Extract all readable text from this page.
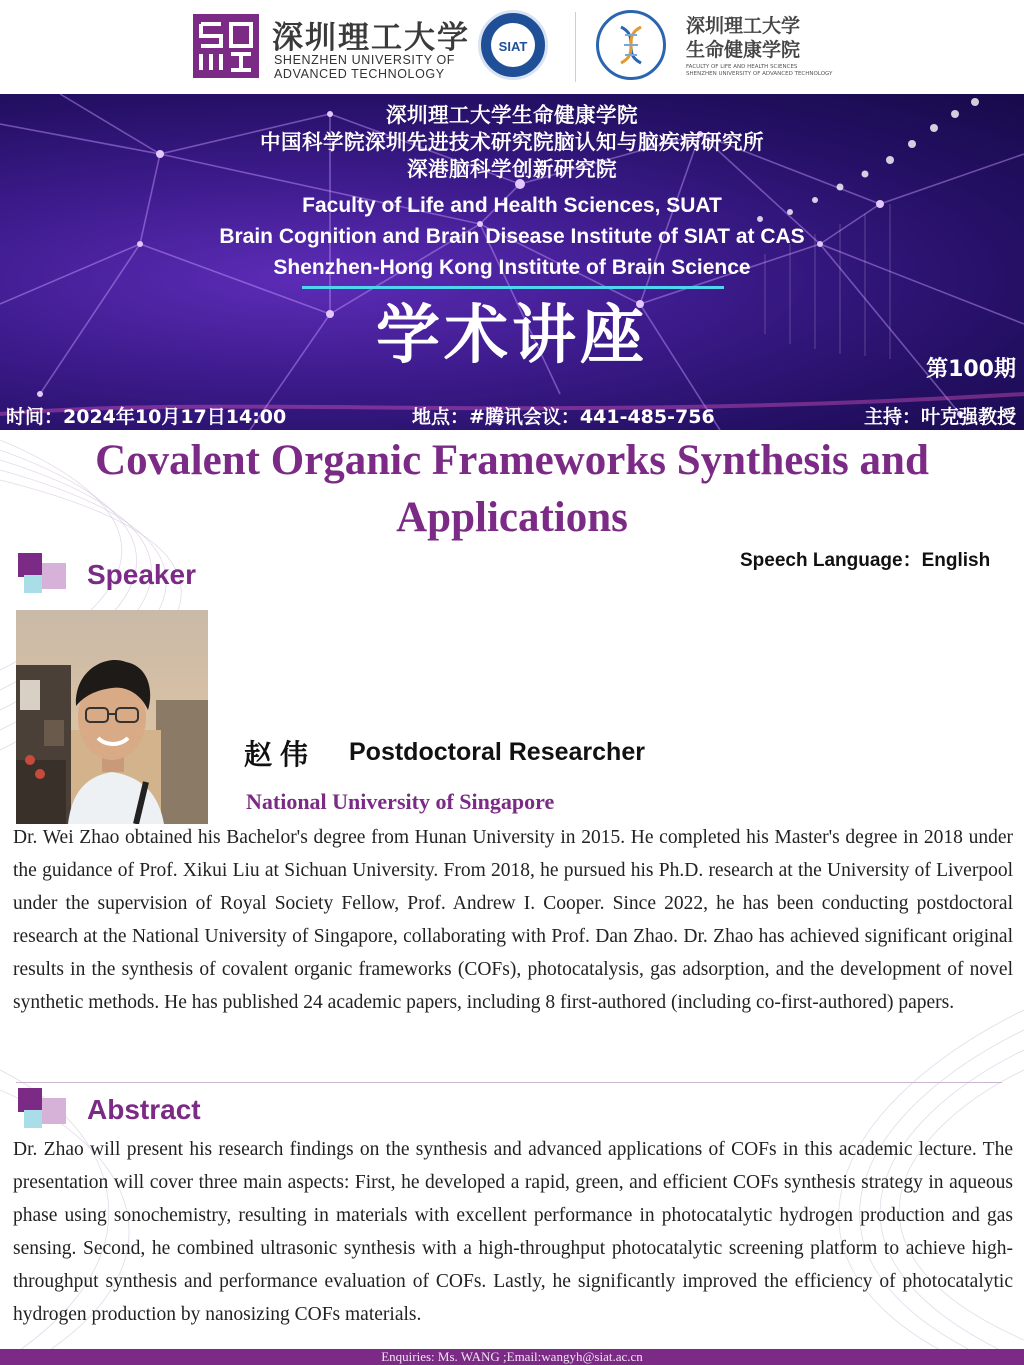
深圳理工大学
SHENZHEN UNIVERSITY OF
ADVANCED TECHNOLOGY
SIAT
深圳理工大学
生命健康学院
FACULTY OF LIFE AND HEALTH SCIENCES
SHENZHEN UNIVERSITY OF ADVANCED TECHNOLOGY
深圳理工大学生命健康学院
中国科学院深圳先进技术研究院脑认知与脑疾病研究所
深港脑科学创新研究院
Faculty of Life and Health Sciences, SUAT
Brain Cognition and Brain Disease Institute of SIAT at CAS
Shenzhen-Hong Kong Institute of Brain Science
学术讲座	第100期
时间：2024年10月17日14:00	地点：#腾讯会议：441-485-756	主持：叶克强教授
Covalent Organic Frameworks Synthesis and
Applications
Speech Language：English
Speaker
赵伟 Postdoctoral Researcher
National University of Singapore
Dr. Wei Zhao obtained his Bachelor's degree from Hunan University in 2015. He completed his Master's degree in 2018 under the guidance of Prof. Xikui Liu at Sichuan University. From 2018, he pursued his Ph.D. research at the University of Liverpool under the supervision of Royal Society Fellow, Prof. Andrew I. Cooper. Since 2022, he has been conducting postdoctoral research at the National University of Singapore, collaborating with Prof. Dan Zhao. Dr. Zhao has achieved significant original results in the synthesis of covalent organic frameworks (COFs), photocatalysis, gas adsorption, and the development of novel synthetic methods. He has published 24 academic papers, including 8 first-authored (including co-first-authored) papers.
Abstract
Dr. Zhao will present his research findings on the synthesis and advanced applications of COFs in this academic lecture. The presentation will cover three main aspects: First, he developed a rapid, green, and efficient COFs synthesis strategy in aqueous phase using sonochemistry, resulting in materials with excellent performance in photocatalytic hydrogen production and gas sensing. Second, he combined ultrasonic synthesis with a high-throughput photocatalytic screening platform to achieve high-throughput synthesis and performance evaluation of COFs. Lastly, he significantly improved the efficiency of photocatalytic hydrogen production by nanosizing COFs materials.
Enquiries: Ms. WANG ;Email:wangyh@siat.ac.cn
